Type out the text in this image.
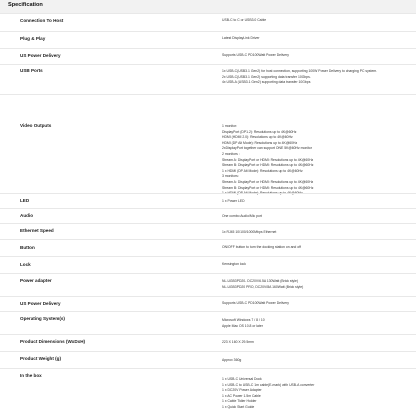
Specification
Connection To Host	USB-C to C or USB3.0 Cable
Plug & Play	Latest DisplayLink Driver
US Power Delivery	Supports USB-C PD100Watt Power Delivery
USB Ports	1x USB-C(USB3.1 Gen2) for host connection, supporting 100W Power Delivery to charging PC system.
2x USB-C(USB3.1 Gen2) supporting data transfer 10Gbps.
4x USB-A (USB3.1 Gen2) supporting data transfer 10Gbps
Video Outputs	1 monitor:
DisplayPort (DP1.2): Resolutions up to 4K@60Hz
HDMI (HDMI 2.0): Resolutions up to 4K@60Hz
HDMI (DP Alt Mode): Resolutions up to 4K@60Hz
2xDisplayPort together can support ONE 5K@60Hz monitor
2 monitors :
Stream A: DisplayPort or HDMI: Resolutions up to 4K@60Hz
Stream B: DisplayPort or HDMI: Resolutions up to 4K@60Hz
1 x HDMI (DP Alt Mode): Resolutions up to 4K@60Hz
3 monitors:
Stream A: DisplayPort or HDMI: Resolutions up to 4K@60Hz
Stream B: DisplayPort or HDMI: Resolutions up to 4K@60Hz
1 x HDMI (DP Alt Mode): Resolutions up to 4K@60Hz
LED	1 x Power LED
Audio	One combo Audio/Mic port
Ethernet Speed	1x RJ45 10/100/1000Mbps Ethernet
Button	ON/OFF button to turn the docking station on and off
Lock	Kensington lock
Power adapter	NL-UGB3PD20- DC20V/6.5A 130Watt (Brick style)
NL-UGB3PD20 PRO, DC20V/8A 160Watt (Brick style)
US Power Delivery	Supports USB-C PD100Watt Power Delivery
Operating System(s)	Microsoft Windows 7 / 8 / 10
Apple Mac OS 10.8 or later
Product Dimensions (WxDxH)	223 X 160 X 29.5mm
Product Weight (g)	Approx 360g
In the box
1 x USB-C Universal Dock
1 x USB-C to USB-C 1m cable(E-mark) with USB-A converter
1 x DC20V Power Adapter
1 x AC Power 1.5m Cable
1 x Cable Tidier Holder
1 x Quick Start Guide
